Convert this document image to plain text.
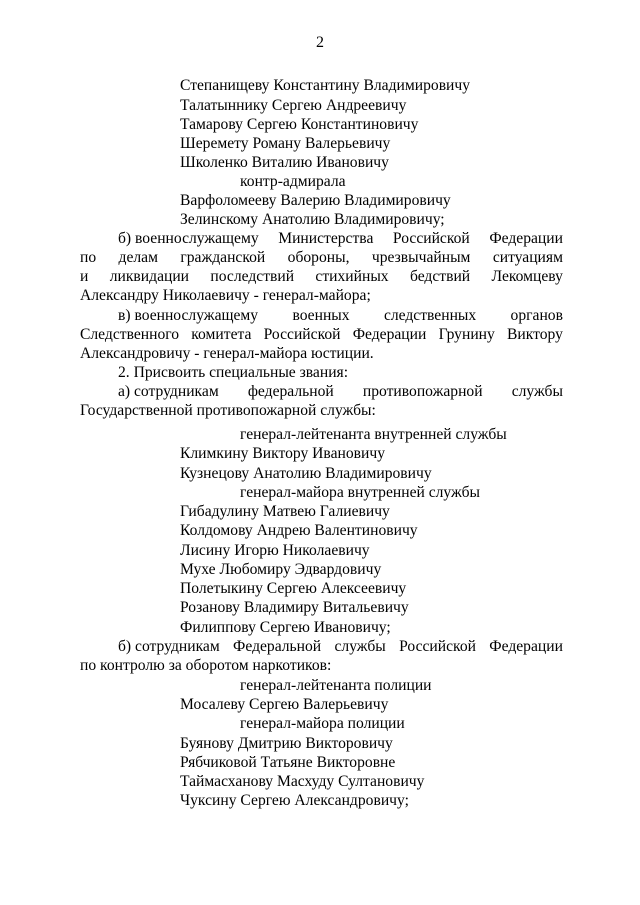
2
Степанищеву Константину Владимировичу
Талатыннику Сергею Андреевичу
Тамарову Сергею Константиновичу
Шеремету Роману Валерьевичу
Школенко Виталию Ивановичу
контр-адмирала
Варфоломееву Валерию Владимировичу
Зелинскому Анатолию Владимировичу;
б) военнослужащему Министерства Российской Федерации
по делам гражданской обороны, чрезвычайным ситуациям
и ликвидации последствий стихийных бедствий Лекомцеву
Александру Николаевичу - генерал-майора;
в) военнослужащему военных следственных органов
Следственного комитета Российской Федерации Грунину Виктору
Александровичу - генерал-майора юстиции.
2. Присвоить специальные звания:
а) сотрудникам федеральной противопожарной службы
Государственной противопожарной службы:
генерал-лейтенанта внутренней службы
Климкину Виктору Ивановичу
Кузнецову Анатолию Владимировичу
генерал-майора внутренней службы
Гибадулину Матвею Галиевичу
Колдомову Андрею Валентиновичу
Лисину Игорю Николаевичу
Мухе Любомиру Эдвардовичу
Полетыкину Сергею Алексеевичу
Розанову Владимиру Витальевичу
Филиппову Сергею Ивановичу;
б) сотрудникам Федеральной службы Российской Федерации
по контролю за оборотом наркотиков:
генерал-лейтенанта полиции
Мосалеву Сергею Валерьевичу
генерал-майора полиции
Буянову Дмитрию Викторовичу
Рябчиковой Татьяне Викторовне
Таймасханову Масхуду Султановичу
Чуксину Сергею Александровичу;
